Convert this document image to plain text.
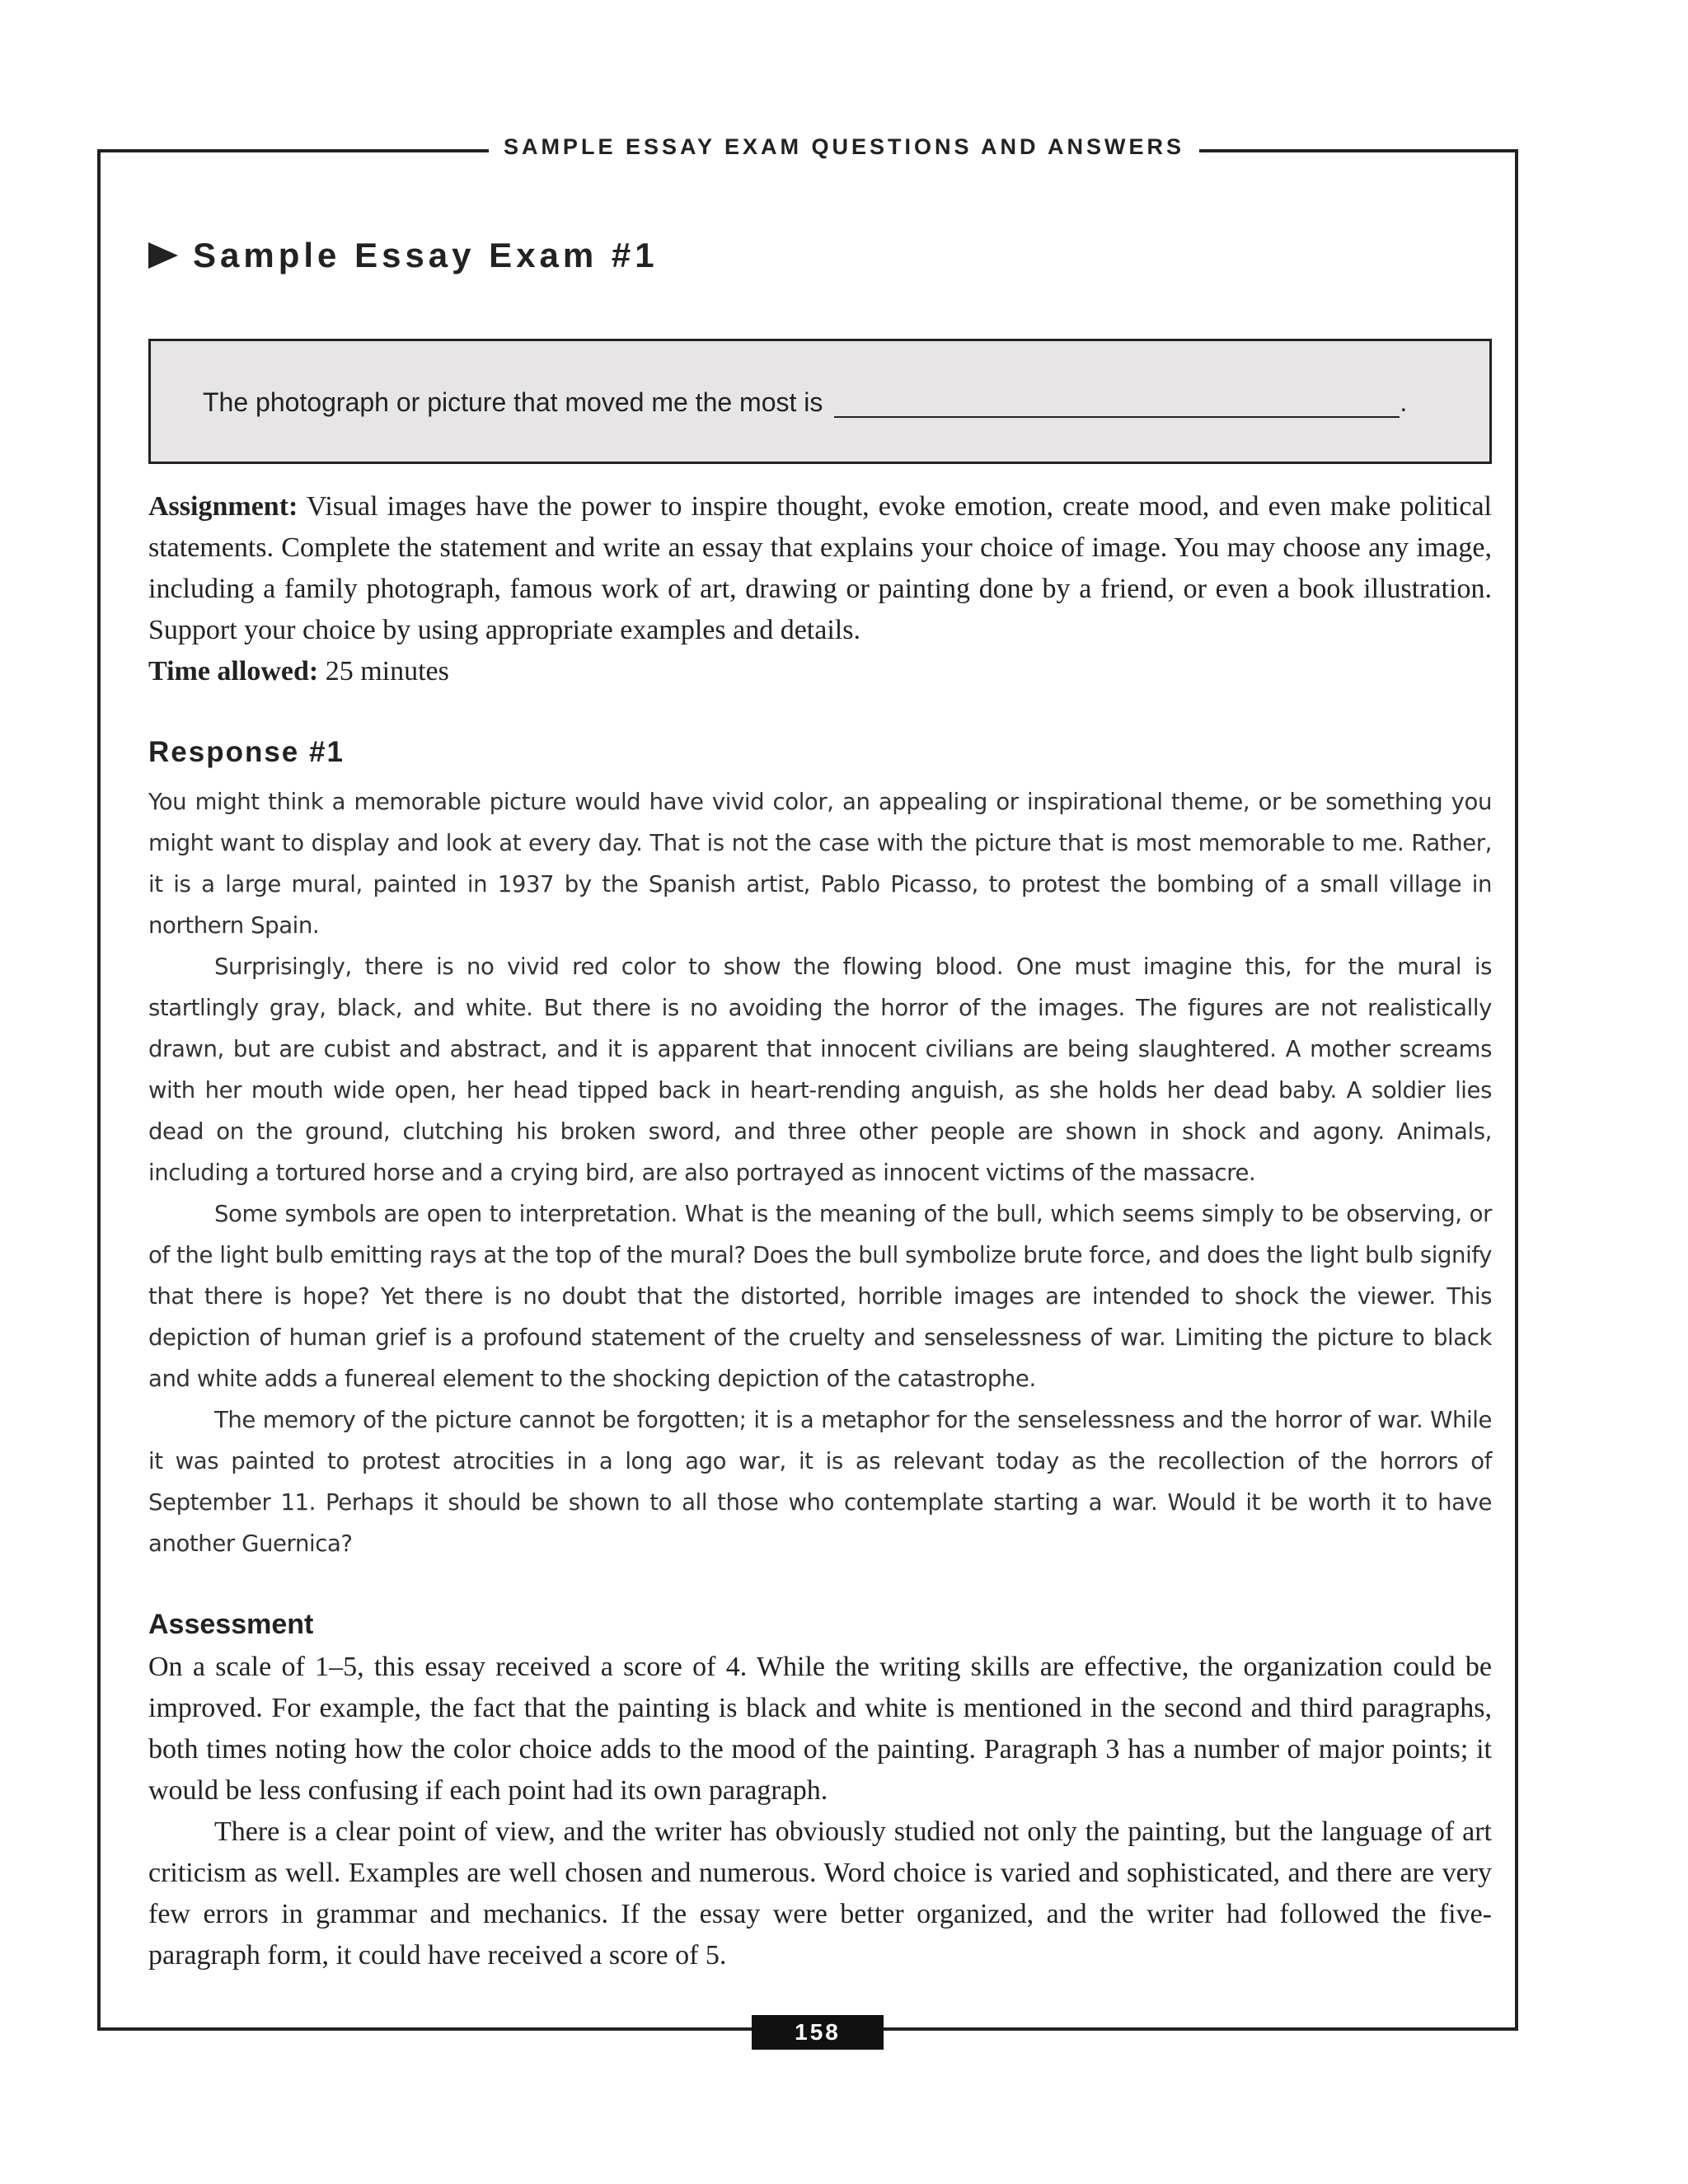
SAMPLE ESSAY EXAM QUESTIONS AND ANSWERS
Sample Essay Exam #1
The photograph or picture that moved me the most is	.

Assignment: Visual images have the power to inspire thought, evoke emotion, create mood, and even make political statements. Complete the statement and write an essay that explains your choice of image. You may choose any image, including a family photograph, famous work of art, drawing or painting done by a friend, or even a book illustration. Support your choice by using appropriate examples and details.

Time allowed: 25 minutes

Response #1

You might think a memorable picture would have vivid color, an appealing or inspirational theme, or be something you might want to display and look at every day. That is not the case with the picture that is most memorable to me. Rather, it is a large mural, painted in 1937 by the Spanish artist, Pablo Picasso, to protest the bombing of a small village in northern Spain.

Surprisingly, there is no vivid red color to show the flowing blood. One must imagine this, for the mural is startlingly gray, black, and white. But there is no avoiding the horror of the images. The figures are not realistically drawn, but are cubist and abstract, and it is apparent that innocent civilians are being slaughtered. A mother screams with her mouth wide open, her head tipped back in heart-rending anguish, as she holds her dead baby. A soldier lies dead on the ground, clutching his broken sword, and three other people are shown in shock and agony. Animals, including a tortured horse and a crying bird, are also portrayed as innocent victims of the massacre.

Some symbols are open to interpretation. What is the meaning of the bull, which seems simply to be observing, or of the light bulb emitting rays at the top of the mural? Does the bull symbolize brute force, and does the light bulb signify that there is hope? Yet there is no doubt that the distorted, horrible images are intended to shock the viewer. This depiction of human grief is a profound statement of the cruelty and senselessness of war. Limiting the picture to black and white adds a funereal element to the shocking depiction of the catastrophe.

The memory of the picture cannot be forgotten; it is a metaphor for the senselessness and the horror of war. While it was painted to protest atrocities in a long ago war, it is as relevant today as the recollection of the horrors of September 11. Perhaps it should be shown to all those who contemplate starting a war. Would it be worth it to have another Guernica?

Assessment

On a scale of 1–5, this essay received a score of 4. While the writing skills are effective, the organization could be improved. For example, the fact that the painting is black and white is mentioned in the second and third paragraphs, both times noting how the color choice adds to the mood of the painting. Paragraph 3 has a number of major points; it would be less confusing if each point had its own paragraph.

There is a clear point of view, and the writer has obviously studied not only the painting, but the language of art criticism as well. Examples are well chosen and numerous. Word choice is varied and sophisticated, and there are very few errors in grammar and mechanics. If the essay were better organized, and the writer had followed the five-paragraph form, it could have received a score of 5.

158
